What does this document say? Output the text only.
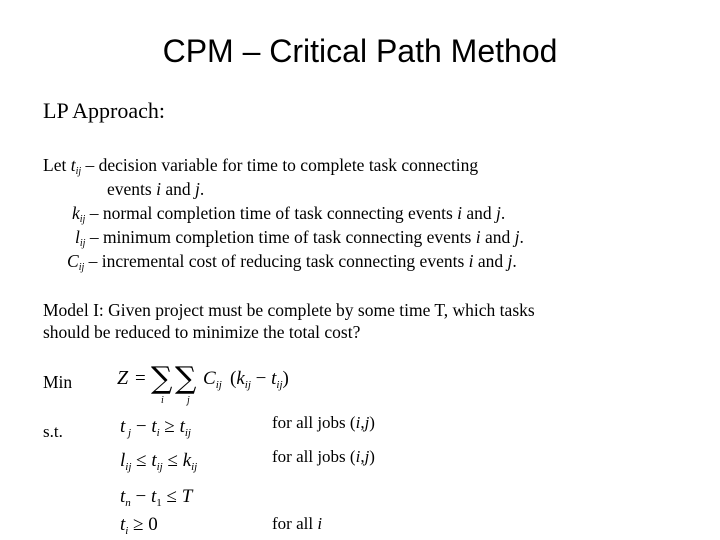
CPM – Critical Path Method
LP Approach:
Let $t_{ij}$ – decision variable for time to complete task connecting
events i and j.
$k_{ij}$ – normal completion time of task connecting events i and j.
$l_{ij}$ – minimum completion time of task connecting events i and j.
$C_{ij}$ – incremental cost of reducing task connecting events i and j.
Model I: Given project must be complete by some time T, which tasks
should be reduced to minimize the total cost?
Min
s.t.
Z = ∑
i
∑
j
$C_{ij}$ $(k_{ij} - t_{ij})$
t $_j - t_i \ge t_{ij}$
for all jobs (i,j)
$l_{ij} \le t_{ij} \le k_{ij}$
for all jobs (i,j)
$t_n - t_1 \le T$
$t_i \ge 0$	for all i
